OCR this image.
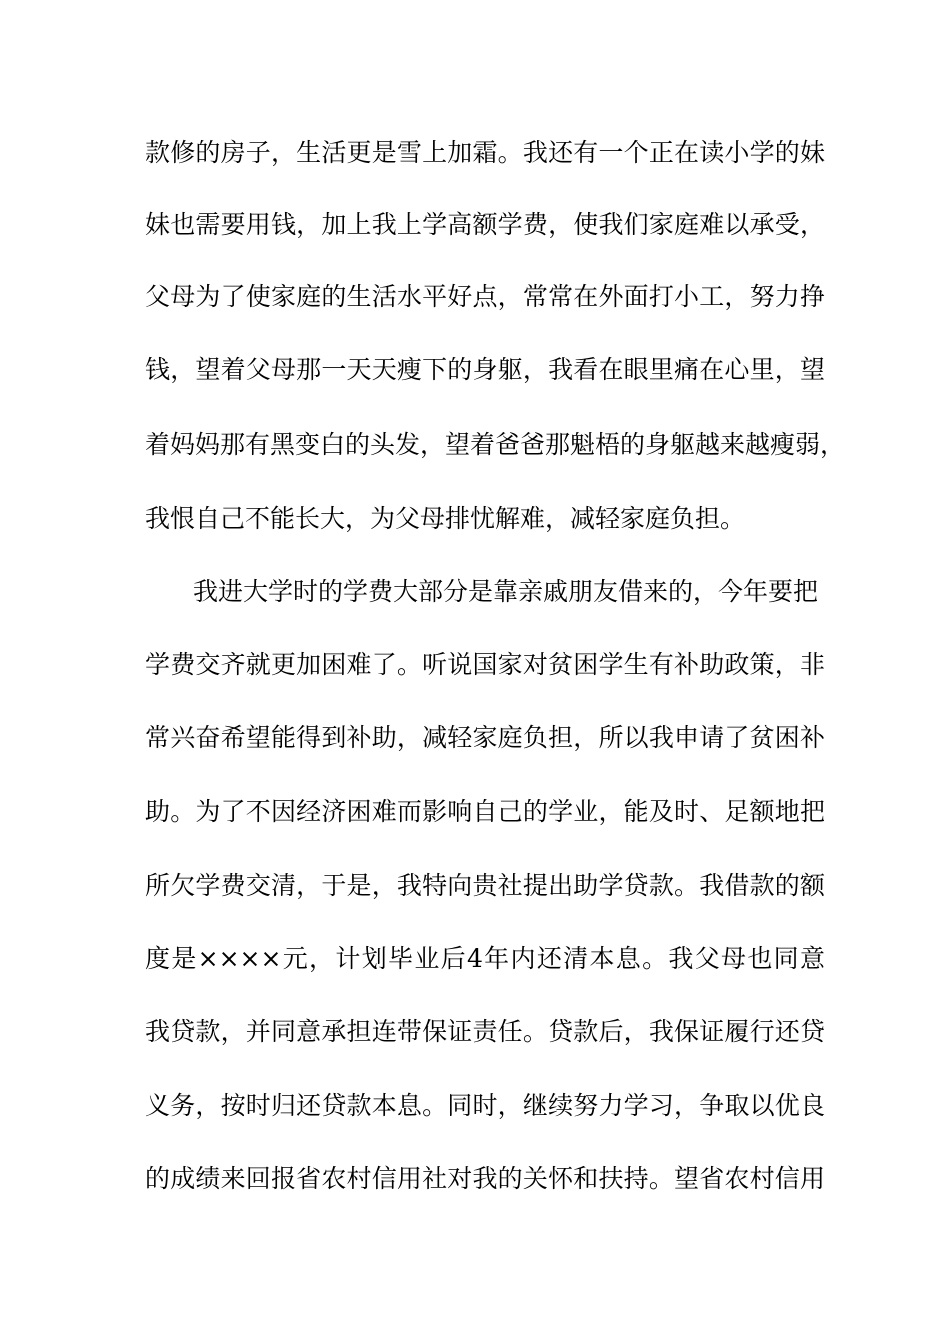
款修的房子，生活更是雪上加霜。我还有一个正在读小学的妹
妹也需要用钱，加上我上学高额学费，使我们家庭难以承受，
父母为了使家庭的生活水平好点，常常在外面打小工，努力挣
钱，望着父母那一天天瘦下的身躯，我看在眼里痛在心里，望
着妈妈那有黑变白的头发，望着爸爸那魁梧的身躯越来越瘦弱，
我恨自己不能长大，为父母排忧解难，减轻家庭负担。
我进大学时的学费大部分是靠亲戚朋友借来的，今年要把
学费交齐就更加困难了。听说国家对贫困学生有补助政策，非
常兴奋希望能得到补助，减轻家庭负担，所以我申请了贫困补
助。为了不因经济困难而影响自己的学业，能及时、足额地把
所欠学费交清，于是，我特向贵社提出助学贷款。我借款的额
度是××××元，计划毕业后4年内还清本息。我父母也同意
我贷款，并同意承担连带保证责任。贷款后，我保证履行还贷
义务，按时归还贷款本息。同时，继续努力学习，争取以优良
的成绩来回报省农村信用社对我的关怀和扶持。望省农村信用
